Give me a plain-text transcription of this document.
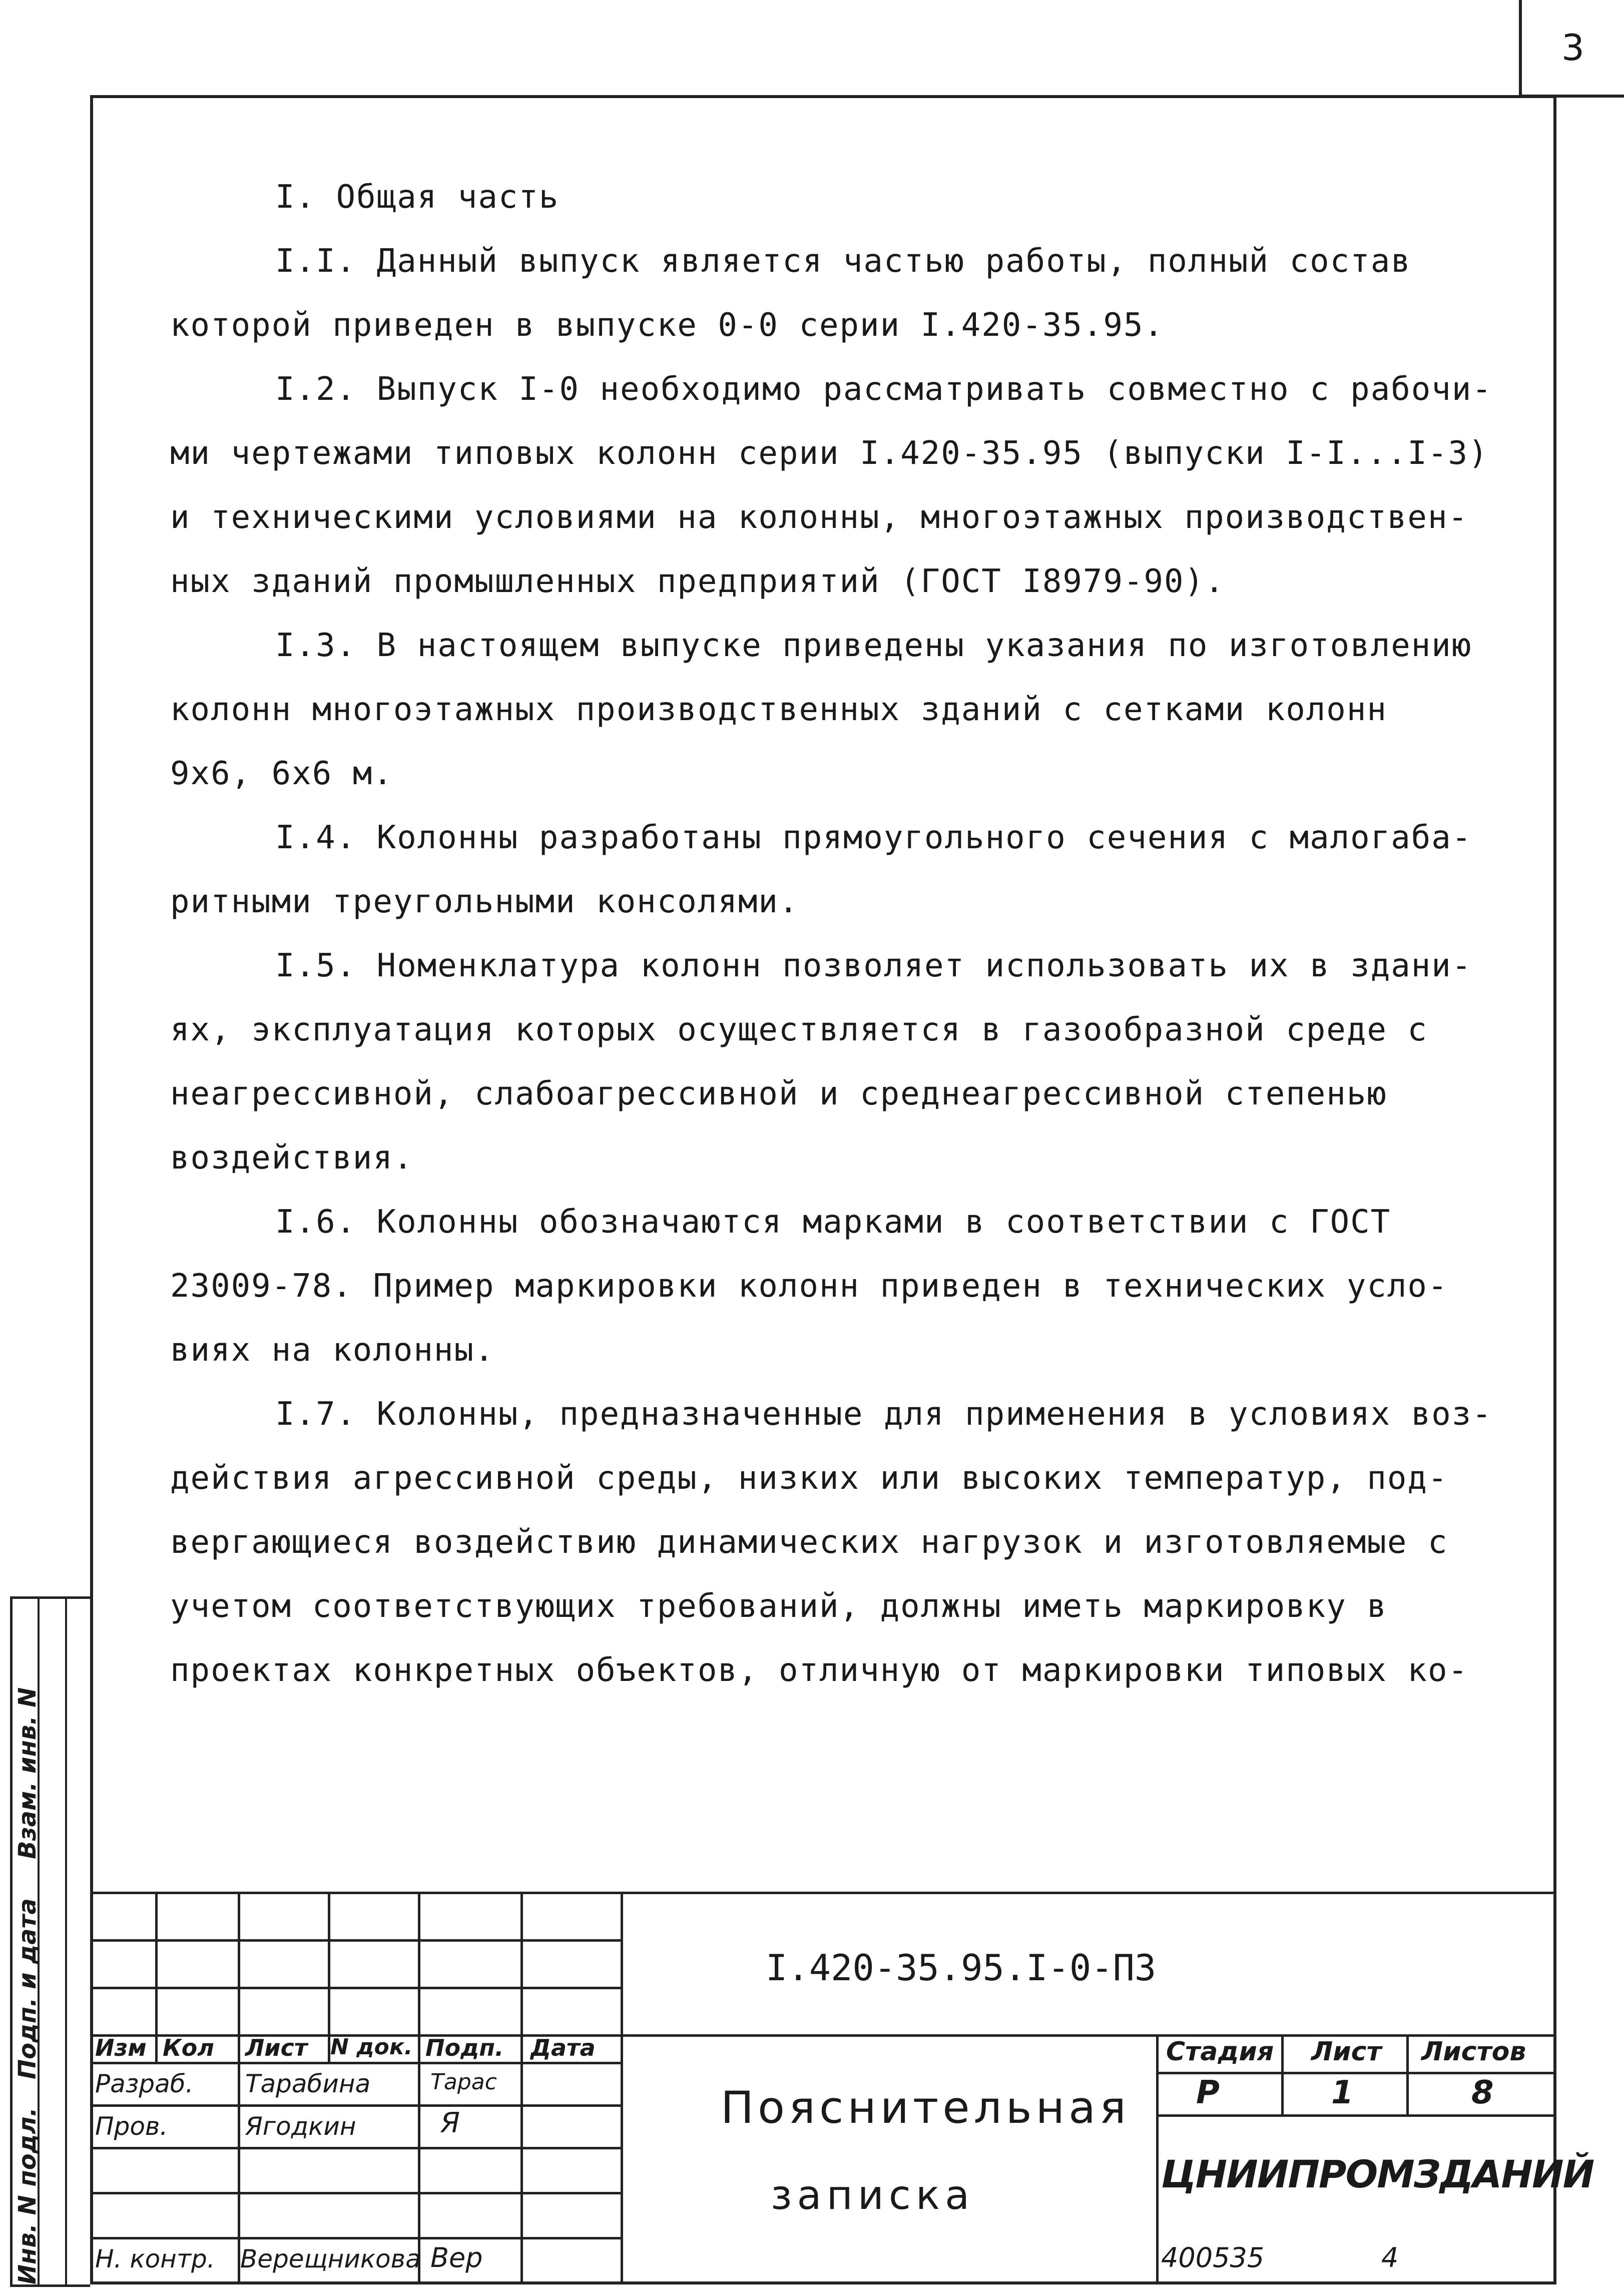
3
Инв. N подл.
Подп. и дата
Взам. инв. N
I. Общая часть
I.I. Данный выпуск является частью работы, полный состав
которой приведен в выпуске 0-0 серии I.420-35.95.
I.2. Выпуск I-0 необходимо рассматривать совместно с рабочи-
ми чертежами типовых колонн серии I.420-35.95 (выпуски I-I...I-3)
и техническими условиями на колонны, многоэтажных производствен-
ных зданий промышленных предприятий (ГОСТ I8979-90).
I.3. В настоящем выпуске приведены указания по изготовлению
колонн многоэтажных производственных зданий с сетками колонн
9х6, 6х6 м.
I.4. Колонны разработаны прямоугольного сечения с малогаба-
ритными треугольными консолями.
I.5. Номенклатура колонн позволяет использовать их в здани-
ях, эксплуатация которых осуществляется в газообразной среде с
неагрессивной, слабоагрессивной и среднеагрессивной степенью
воздействия.
I.6. Колонны обозначаются марками в соответствии с ГОСТ
23009-78. Пример маркировки колонн приведен в технических усло-
виях на колонны.
I.7. Колонны, предназначенные для применения в условиях воз-
действия агрессивной среды, низких или высоких температур, под-
вергающиеся воздействию динамических нагрузок и изготовляемые с
учетом соответствующих требований, должны иметь маркировку в
проектах конкретных объектов, отличную от маркировки типовых ко-
I.420-35.95.I-0-ПЗ
Изм Кол Лист N док. Подп. Дата
Разраб. Тарабина	Тарас
Пров.	Ягодкин	Я
Н. контр. Верещникова Вер
Пояснительная
записка
Стадия Лист Листов
Р	1	8
ЦНИИПРОМЗДАНИЙ
400535	4
